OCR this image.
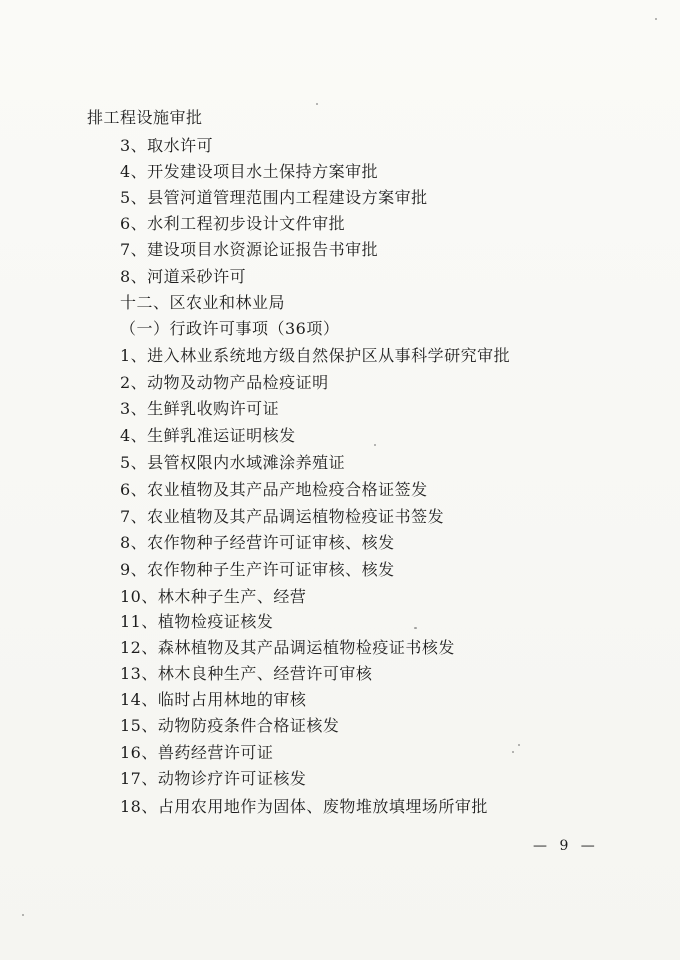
排工程设施审批
3、取水许可
4、开发建设项目水土保持方案审批
5、县管河道管理范围内工程建设方案审批
6、水利工程初步设计文件审批
7、建设项目水资源论证报告书审批
8、河道采砂许可
十二、区农业和林业局
（一）行政许可事项（36项）
1、进入林业系统地方级自然保护区从事科学研究审批
2、动物及动物产品检疫证明
3、生鲜乳收购许可证
4、生鲜乳准运证明核发
5、县管权限内水域滩涂养殖证
6、农业植物及其产品产地检疫合格证签发
7、农业植物及其产品调运植物检疫证书签发
8、农作物种子经营许可证审核、核发
9、农作物种子生产许可证审核、核发
10、林木种子生产、经营
11、植物检疫证核发
12、森林植物及其产品调运植物检疫证书核发
13、林木良种生产、经营许可审核
14、临时占用林地的审核
15、动物防疫条件合格证核发
16、兽药经营许可证
17、动物诊疗许可证核发
18、占用农用地作为固体、废物堆放填埋场所审批
— 9 —
